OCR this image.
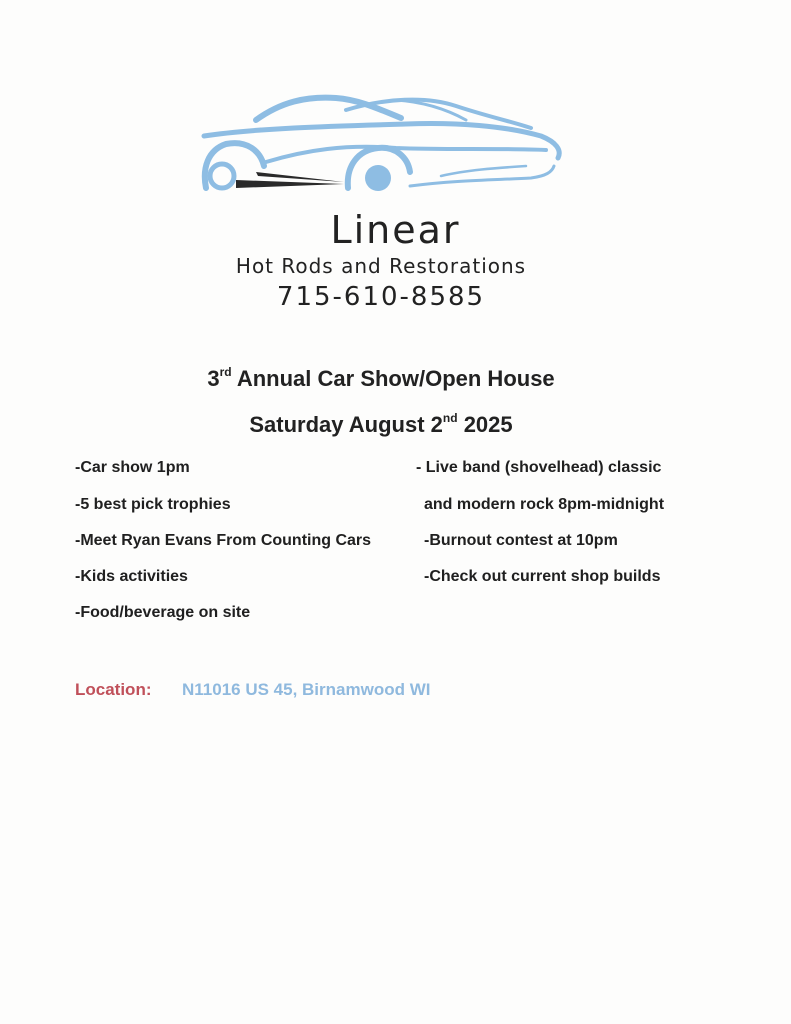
Linear
Hot Rods and Restorations
715-610-8585
3rd Annual Car Show/Open House
Saturday August 2nd 2025
-Car show 1pm
-5 best pick trophies
-Meet Ryan Evans From Counting Cars
-Kids activities
-Food/beverage on site
- Live band (shovelhead) classic
and modern rock 8pm-midnight
-Burnout contest at 10pm
-Check out current shop builds
Location: N11016 US 45, Birnamwood WI
